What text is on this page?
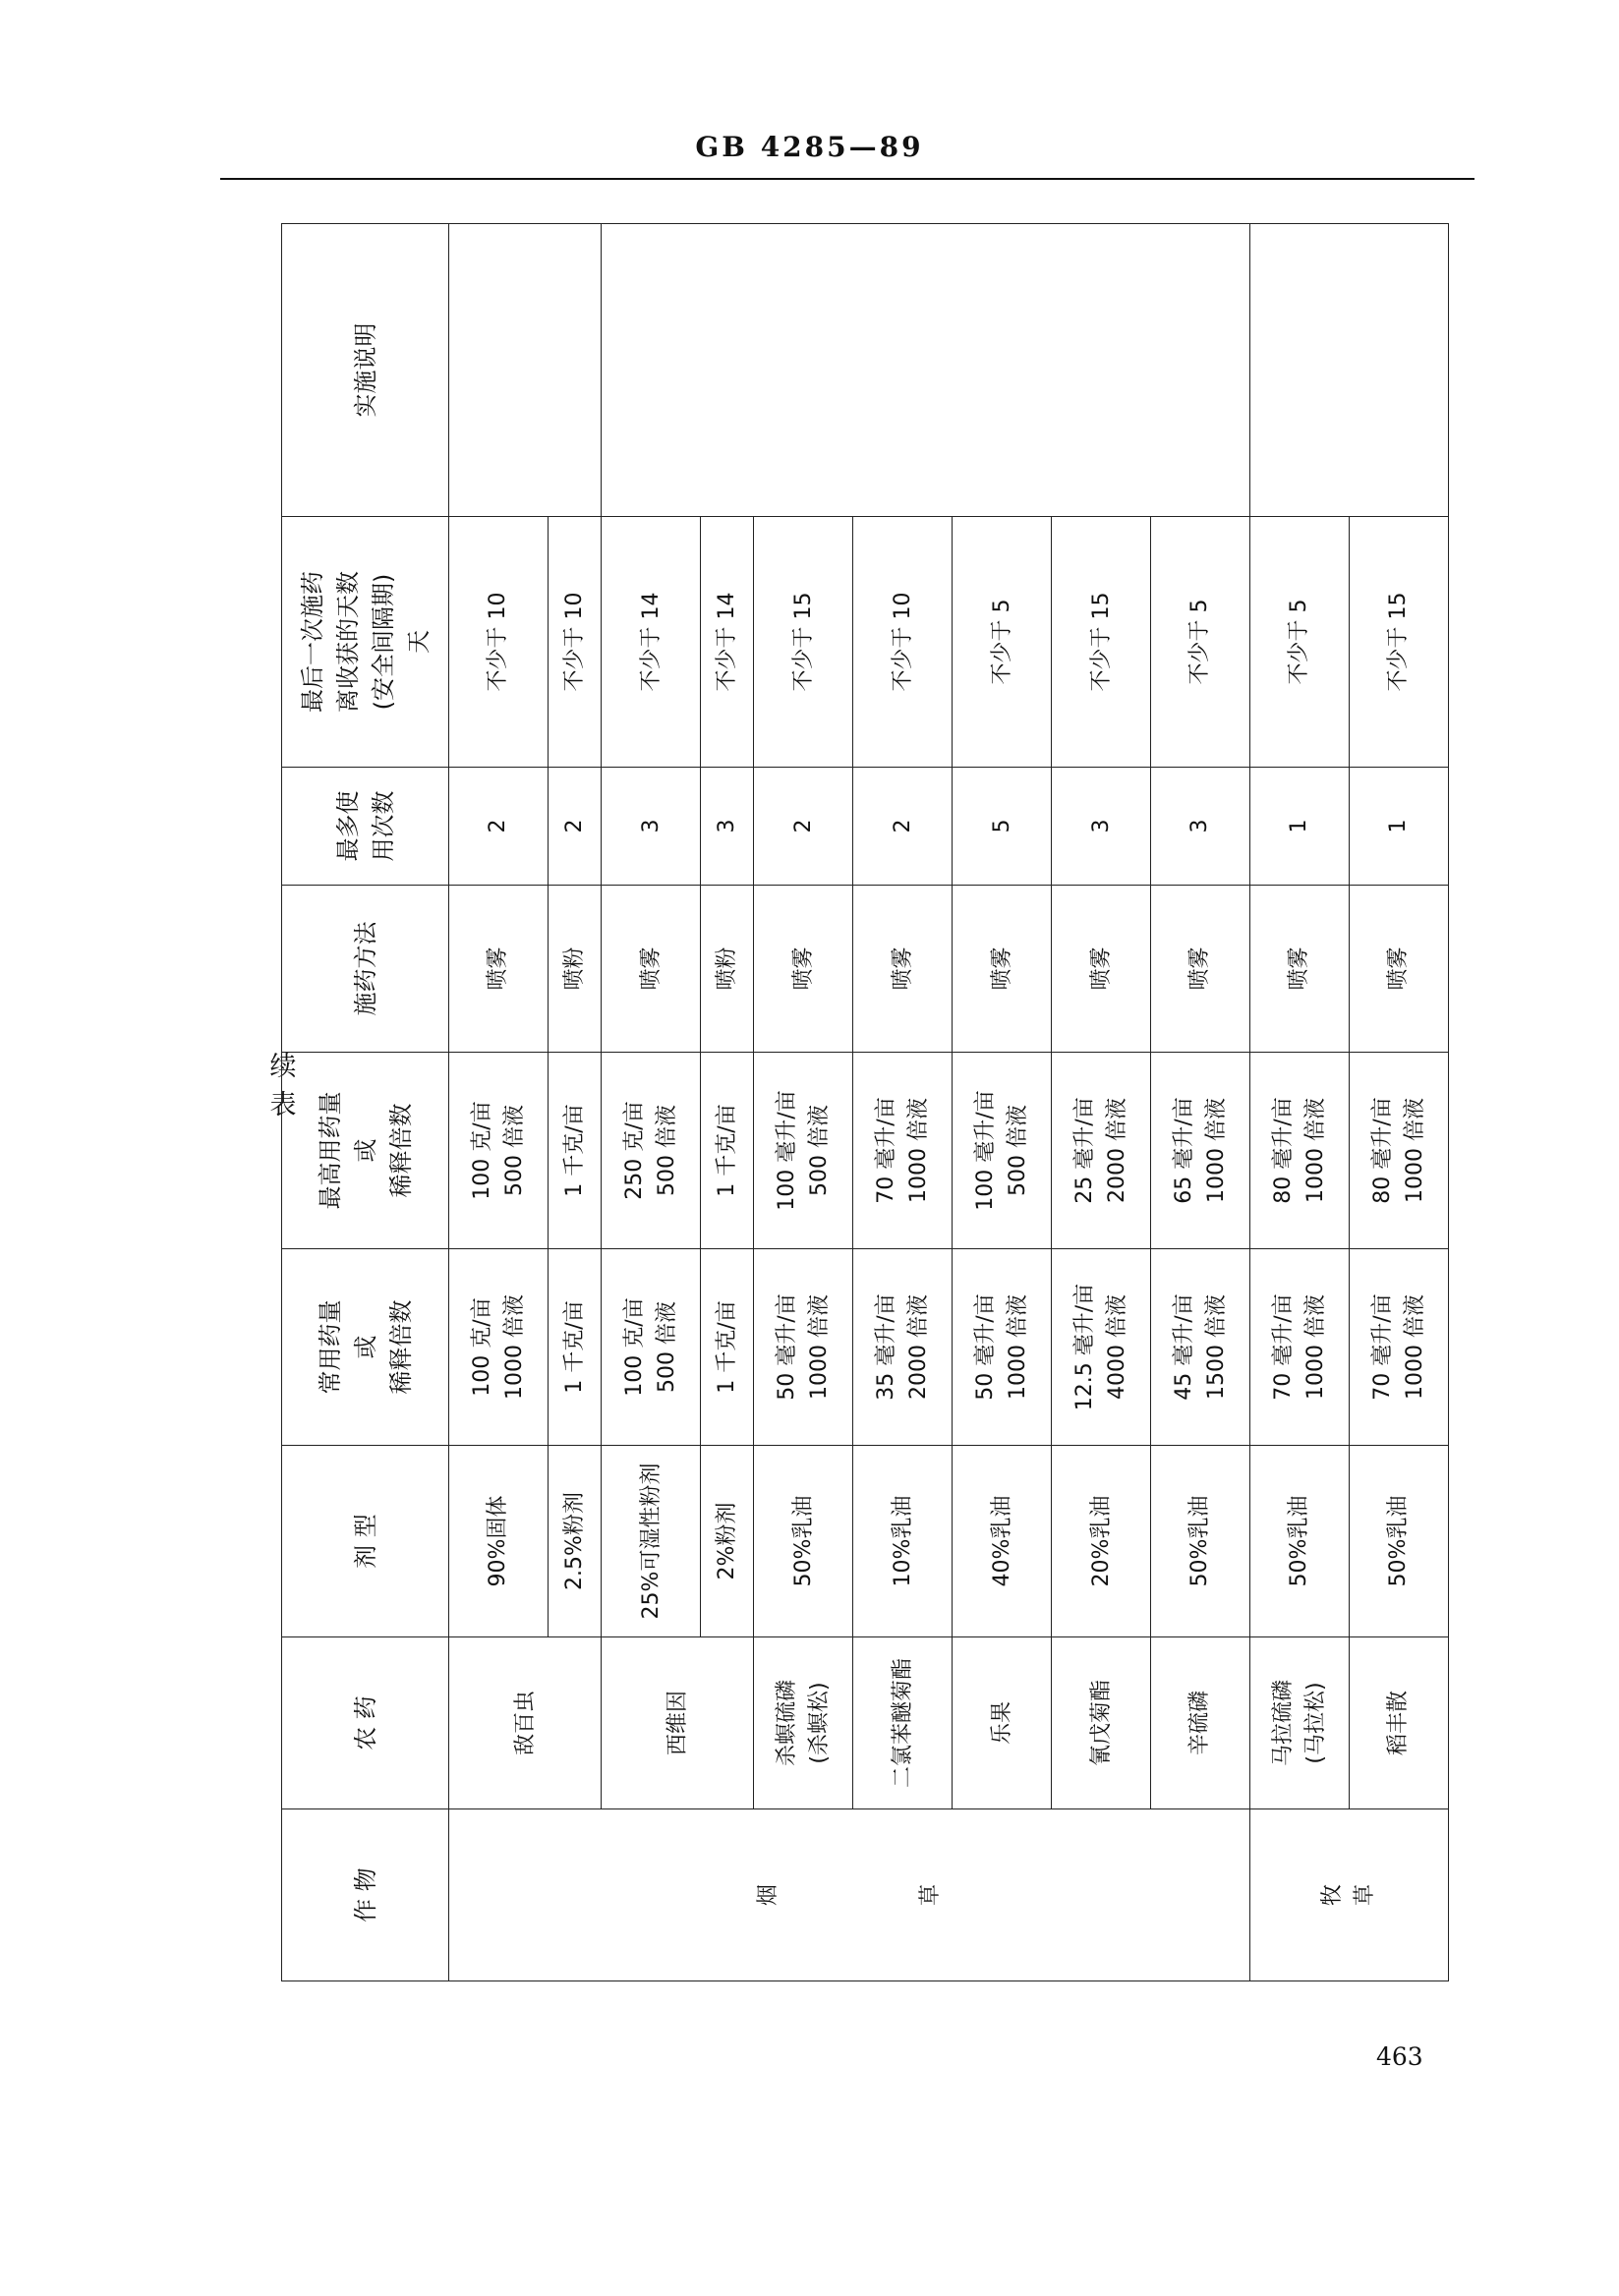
GB 4285—89
续表
463
作 物	农 药	剂 型	常用药量
或
稀释倍数	最高用药量
或
稀释倍数	施药方法	最多使
用次数	最后一次施药
离收获的天数
(安全间隔期)
天	实施说明
烟

草	敌百虫	90%固体	100 克/亩
1000 倍液	100 克/亩
500 倍液	喷雾	2	不少于 10	
		2.5%粉剂	1 千克/亩	1 千克/亩	喷粉	2	不少于 10	
	西维因	25%可湿性粉剂	100 克/亩
500 倍液	250 克/亩
500 倍液	喷雾	3	不少于 14	
		2%粉剂	1 千克/亩	1 千克/亩	喷粉	3	不少于 14	
	杀螟硫磷
(杀螟松)	50%乳油	50 毫升/亩
1000 倍液	100 毫升/亩
500 倍液	喷雾	2	不少于 15	
	二氯苯醚菊酯	10%乳油	35 毫升/亩
2000 倍液	70 毫升/亩
1000 倍液	喷雾	2	不少于 10	
	乐果	40%乳油	50 毫升/亩
1000 倍液	100 毫升/亩
500 倍液	喷雾	5	不少于 5	
	氰戊菊酯	20%乳油	12.5 毫升/亩
4000 倍液	25 毫升/亩
2000 倍液	喷雾	3	不少于 15	
	辛硫磷	50%乳油	45 毫升/亩
1500 倍液	65 毫升/亩
1000 倍液	喷雾	3	不少于 5	
牧
草	马拉硫磷
(马拉松)	50%乳油	70 毫升/亩
1000 倍液	80 毫升/亩
1000 倍液	喷雾	1	不少于 5	
	稻丰散	50%乳油	70 毫升/亩
1000 倍液	80 毫升/亩
1000 倍液	喷雾	1	不少于 15	
